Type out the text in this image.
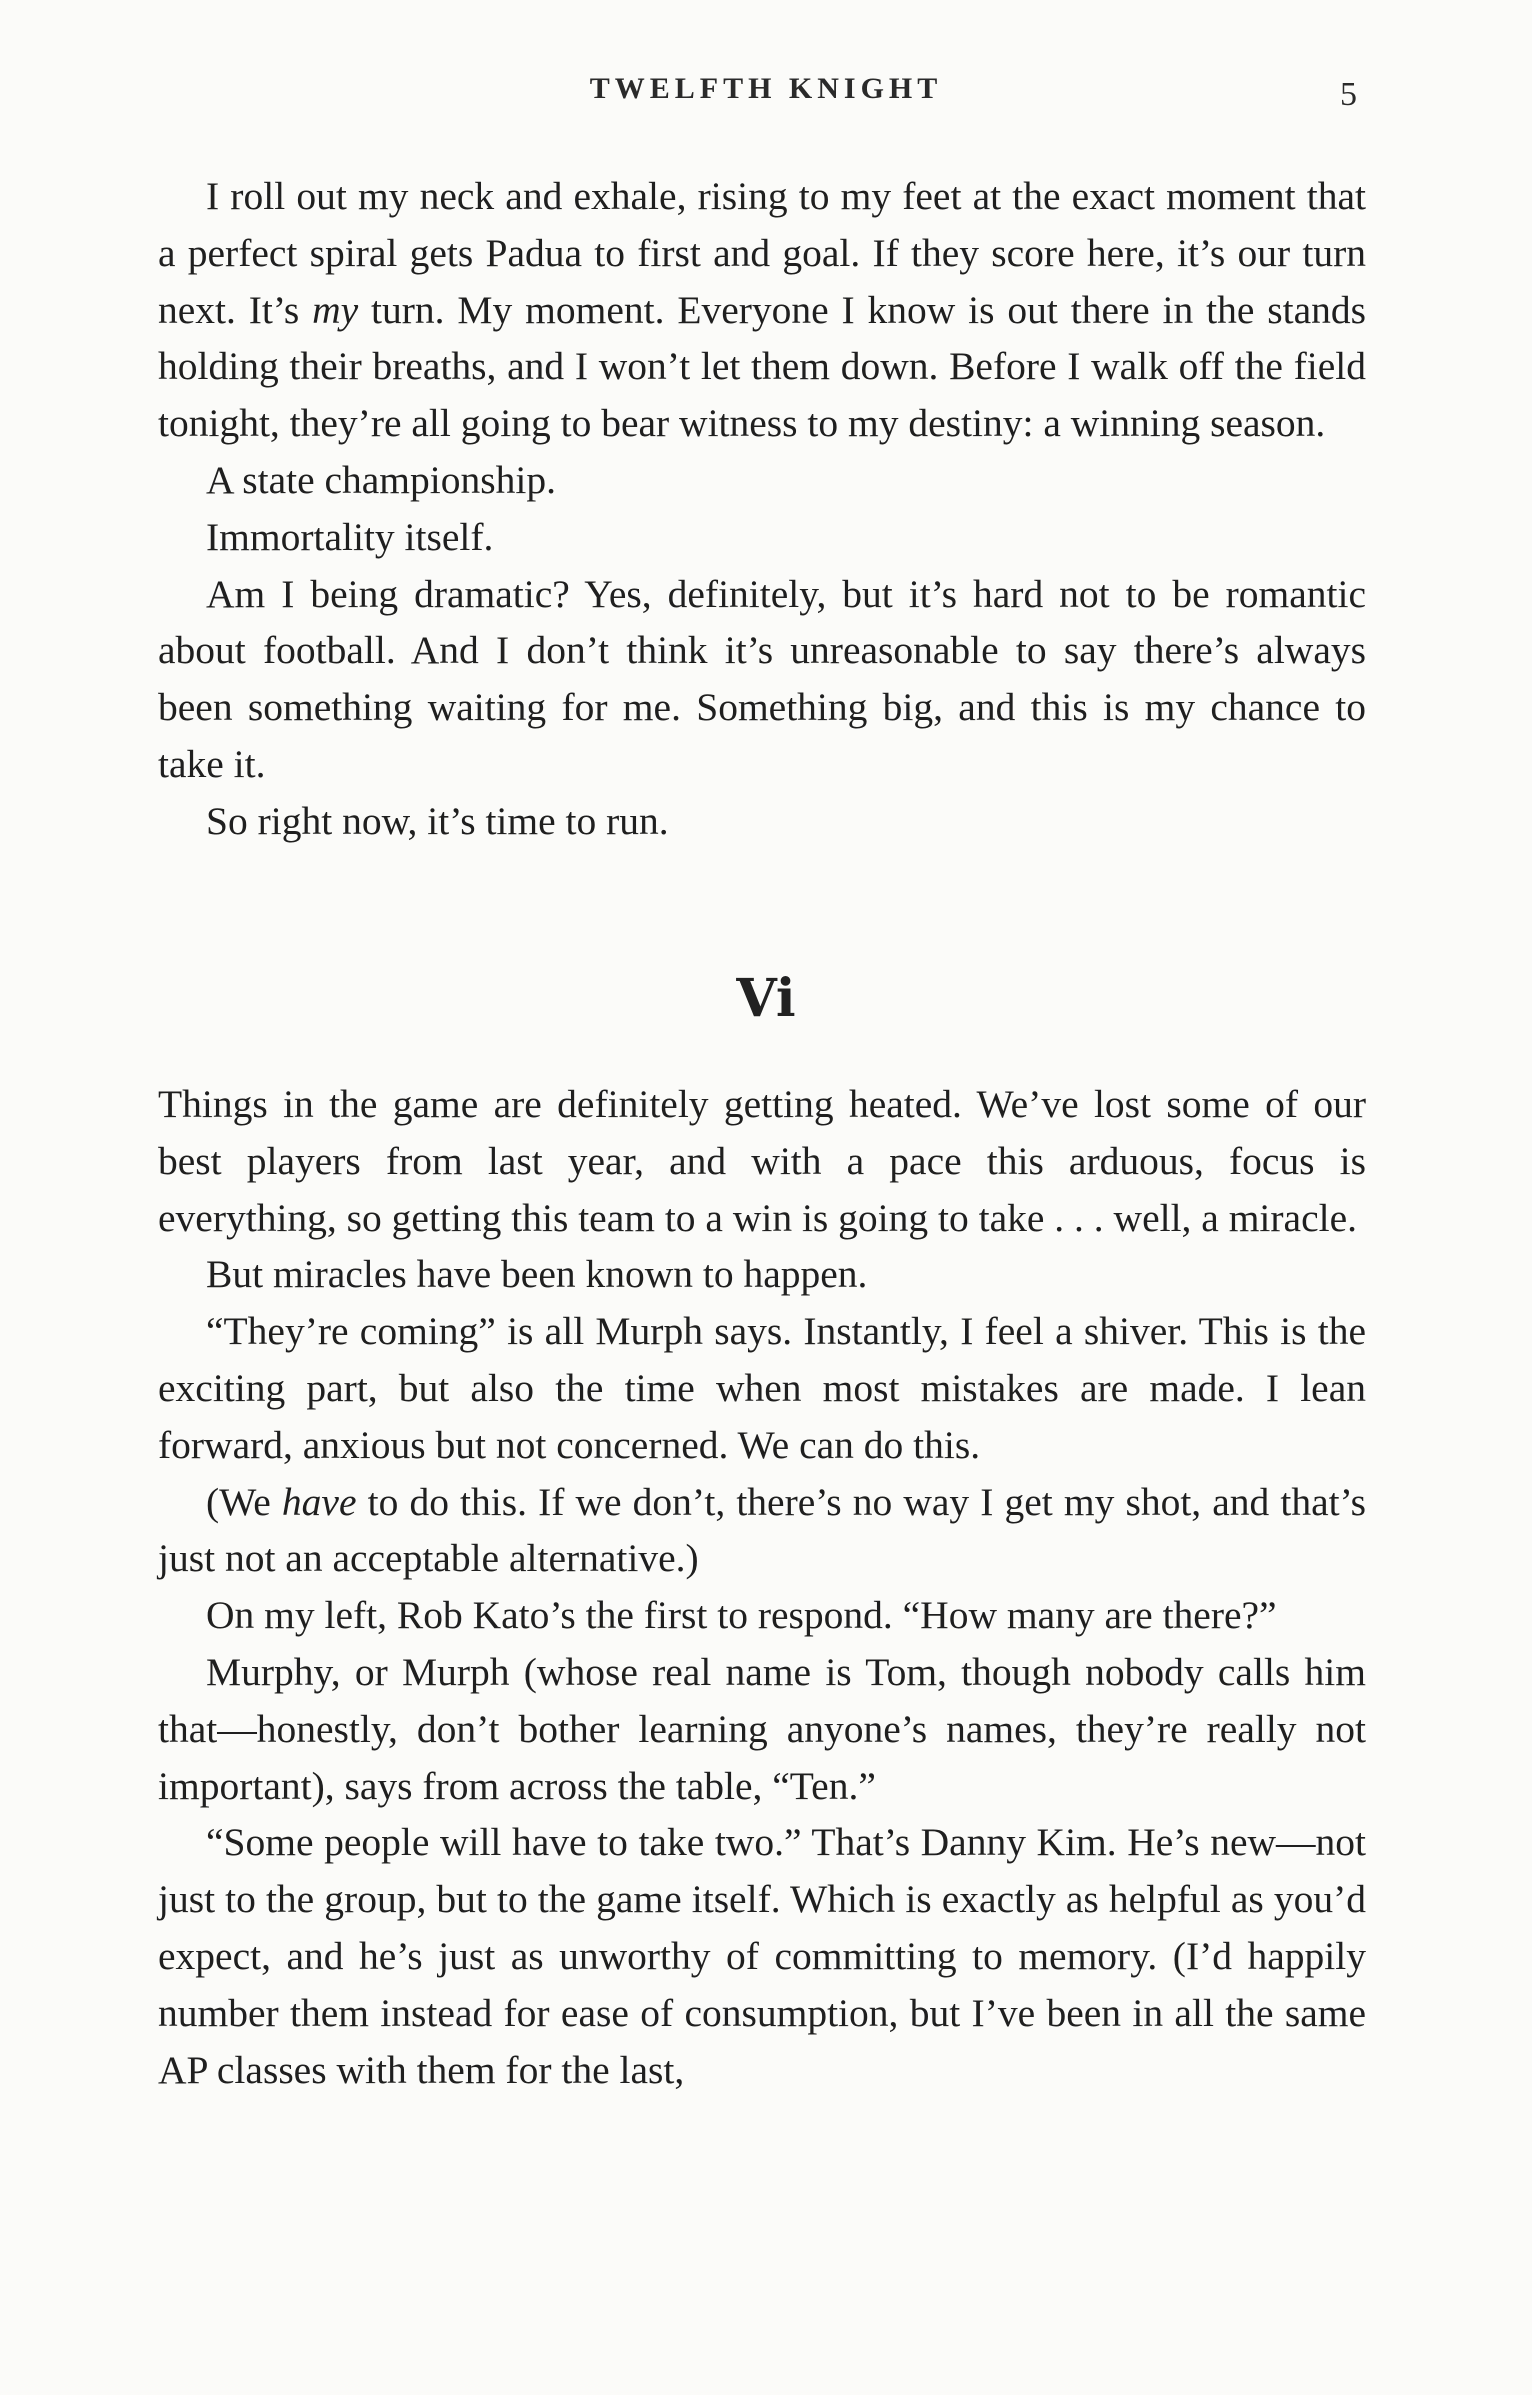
TWELFTH KNIGHT	5

I roll out my neck and exhale, rising to my feet at the exact moment that a perfect spiral gets Padua to first and goal. If they score here, it’s our turn next. It’s my turn. My moment. Everyone I know is out there in the stands holding their breaths, and I won’t let them down. Before I walk off the field tonight, they’re all going to bear witness to my destiny: a winning season.

A state championship.

Immortality itself.

Am I being dramatic? Yes, definitely, but it’s hard not to be romantic about football. And I don’t think it’s unreasonable to say there’s always been something waiting for me. Something big, and this is my chance to take it.

So right now, it’s time to run.

Vi

Things in the game are definitely getting heated. We’ve lost some of our best players from last year, and with a pace this arduous, focus is everything, so getting this team to a win is going to take . . . well, a miracle.

But miracles have been known to happen.

“They’re coming” is all Murph says. Instantly, I feel a shiver. This is the exciting part, but also the time when most mistakes are made. I lean forward, anxious but not concerned. We can do this.

(We have to do this. If we don’t, there’s no way I get my shot, and that’s just not an acceptable alternative.)

On my left, Rob Kato’s the first to respond. “How many are there?”

Murphy, or Murph (whose real name is Tom, though nobody calls him that—honestly, don’t bother learning anyone’s names, they’re really not important), says from across the table, “Ten.”

“Some people will have to take two.” That’s Danny Kim. He’s new—not just to the group, but to the game itself. Which is exactly as helpful as you’d expect, and he’s just as unworthy of committing to memory. (I’d happily number them instead for ease of consumption, but I’ve been in all the same AP classes with them for the last,
